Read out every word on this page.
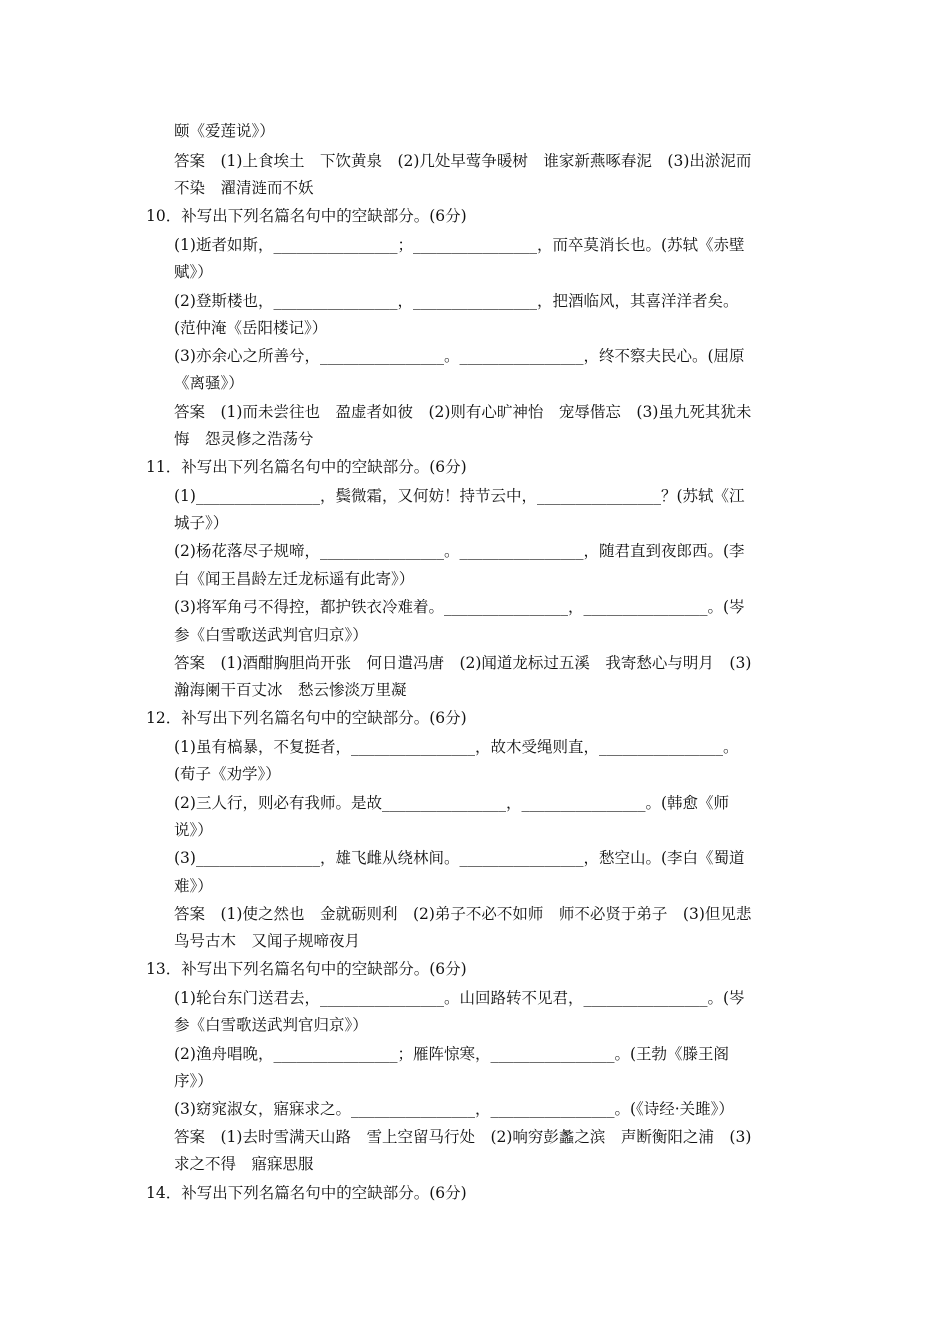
颐《爱莲说》）
答案　(1)上食埃土　下饮黄泉　(2)几处早莺争暖树　谁家新燕啄春泥　(3)出淤泥而
不染　濯清涟而不妖
10．补写出下列名篇名句中的空缺部分。(6分)
(1)逝者如斯，________________；________________，而卒莫消长也。(苏轼《赤壁
赋》）
(2)登斯楼也，________________，________________，把酒临风，其喜洋洋者矣。
(范仲淹《岳阳楼记》）
(3)亦余心之所善兮，________________。________________，终不察夫民心。(屈原
《离骚》）
答案　(1)而未尝往也　盈虚者如彼　(2)则有心旷神怡　宠辱偕忘　(3)虽九死其犹未
悔　怨灵修之浩荡兮
11．补写出下列名篇名句中的空缺部分。(6分)
(1)________________，鬓微霜，又何妨！持节云中，________________？(苏轼《江
城子》）
(2)杨花落尽子规啼，________________。________________，随君直到夜郎西。(李
白《闻王昌龄左迁龙标遥有此寄》）
(3)将军角弓不得控，都护铁衣冷难着。________________，________________。(岑
参《白雪歌送武判官归京》）
答案　(1)酒酣胸胆尚开张　何日遣冯唐　(2)闻道龙标过五溪　我寄愁心与明月　(3)
瀚海阑干百丈冰　愁云惨淡万里凝
12．补写出下列名篇名句中的空缺部分。(6分)
(1)虽有槁暴，不复挺者，________________，故木受绳则直，________________。
(荀子《劝学》）
(2)三人行，则必有我师。是故________________，________________。(韩愈《师
说》）
(3)________________，雄飞雌从绕林间。________________，愁空山。(李白《蜀道
难》）
答案　(1)使之然也　金就砺则利　(2)弟子不必不如师　师不必贤于弟子　(3)但见悲
鸟号古木　又闻子规啼夜月
13．补写出下列名篇名句中的空缺部分。(6分)
(1)轮台东门送君去，________________。山回路转不见君，________________。(岑
参《白雪歌送武判官归京》）
(2)渔舟唱晚，________________；雁阵惊寒，________________。(王勃《滕王阁
序》）
(3)窈窕淑女，寤寐求之。________________，________________。(《诗经·关雎》）
答案　(1)去时雪满天山路　雪上空留马行处　(2)响穷彭蠡之滨　声断衡阳之浦　(3)
求之不得　寤寐思服
14．补写出下列名篇名句中的空缺部分。(6分)
